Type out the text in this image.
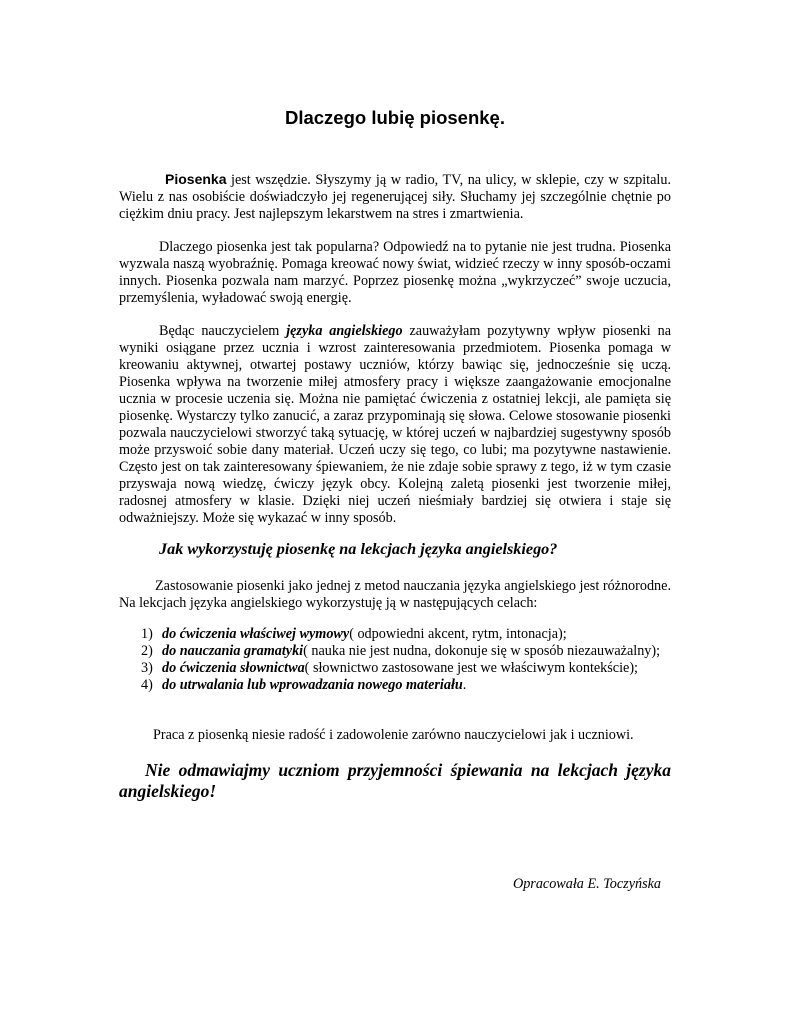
Dlaczego lubię piosenkę.

Piosenka jest wszędzie. Słyszymy ją w radio, TV, na ulicy, w sklepie, czy w szpitalu. Wielu z nas osobiście doświadczyło jej regenerującej siły. Słuchamy jej szczególnie chętnie po ciężkim dniu pracy. Jest najlepszym lekarstwem na stres i zmartwienia.

Dlaczego piosenka jest tak popularna? Odpowiedź na to pytanie nie jest trudna. Piosenka wyzwala naszą wyobraźnię. Pomaga kreować nowy świat, widzieć rzeczy w inny sposób-oczami innych. Piosenka pozwala nam marzyć. Poprzez piosenkę można „wykrzyczeć” swoje uczucia, przemyślenia, wyładować swoją energię.

Będąc nauczycielem języka angielskiego zauważyłam pozytywny wpływ piosenki na wyniki osiągane przez ucznia i wzrost zainteresowania przedmiotem. Piosenka pomaga w kreowaniu aktywnej, otwartej postawy uczniów, którzy bawiąc się, jednocześnie się uczą. Piosenka wpływa na tworzenie miłej atmosfery pracy i większe zaangażowanie emocjonalne ucznia w procesie uczenia się. Można nie pamiętać ćwiczenia z ostatniej lekcji, ale pamięta się piosenkę. Wystarczy tylko zanucić, a zaraz przypominają się słowa. Celowe stosowanie piosenki pozwala nauczycielowi stworzyć taką sytuację, w której uczeń w najbardziej sugestywny sposób może przyswoić sobie dany materiał. Uczeń uczy się tego, co lubi; ma pozytywne nastawienie. Często jest on tak zainteresowany śpiewaniem, że nie zdaje sobie sprawy z tego, iż w tym czasie przyswaja nową wiedzę, ćwiczy język obcy. Kolejną zaletą piosenki jest tworzenie miłej, radosnej atmosfery w klasie. Dzięki niej uczeń nieśmiały bardziej się otwiera i staje się odważniejszy. Może się wykazać w inny sposób.

Jak wykorzystuję piosenkę na lekcjach języka angielskiego?

Zastosowanie piosenki jako jednej z metod nauczania języka angielskiego jest różnorodne. Na lekcjach języka angielskiego wykorzystuję ją w następujących celach:

1) do ćwiczenia właściwej wymowy( odpowiedni akcent, rytm, intonacja);
2) do nauczania gramatyki( nauka nie jest nudna, dokonuje się w sposób niezauważalny);
3) do ćwiczenia słownictwa( słownictwo zastosowane jest we właściwym kontekście);
4) do utrwalania lub wprowadzania nowego materiału.

Praca z piosenką niesie radość i zadowolenie zarówno nauczycielowi jak i uczniowi.

Nie odmawiajmy uczniom przyjemności śpiewania na lekcjach języka angielskiego!

Opracowała E. Toczyńska
